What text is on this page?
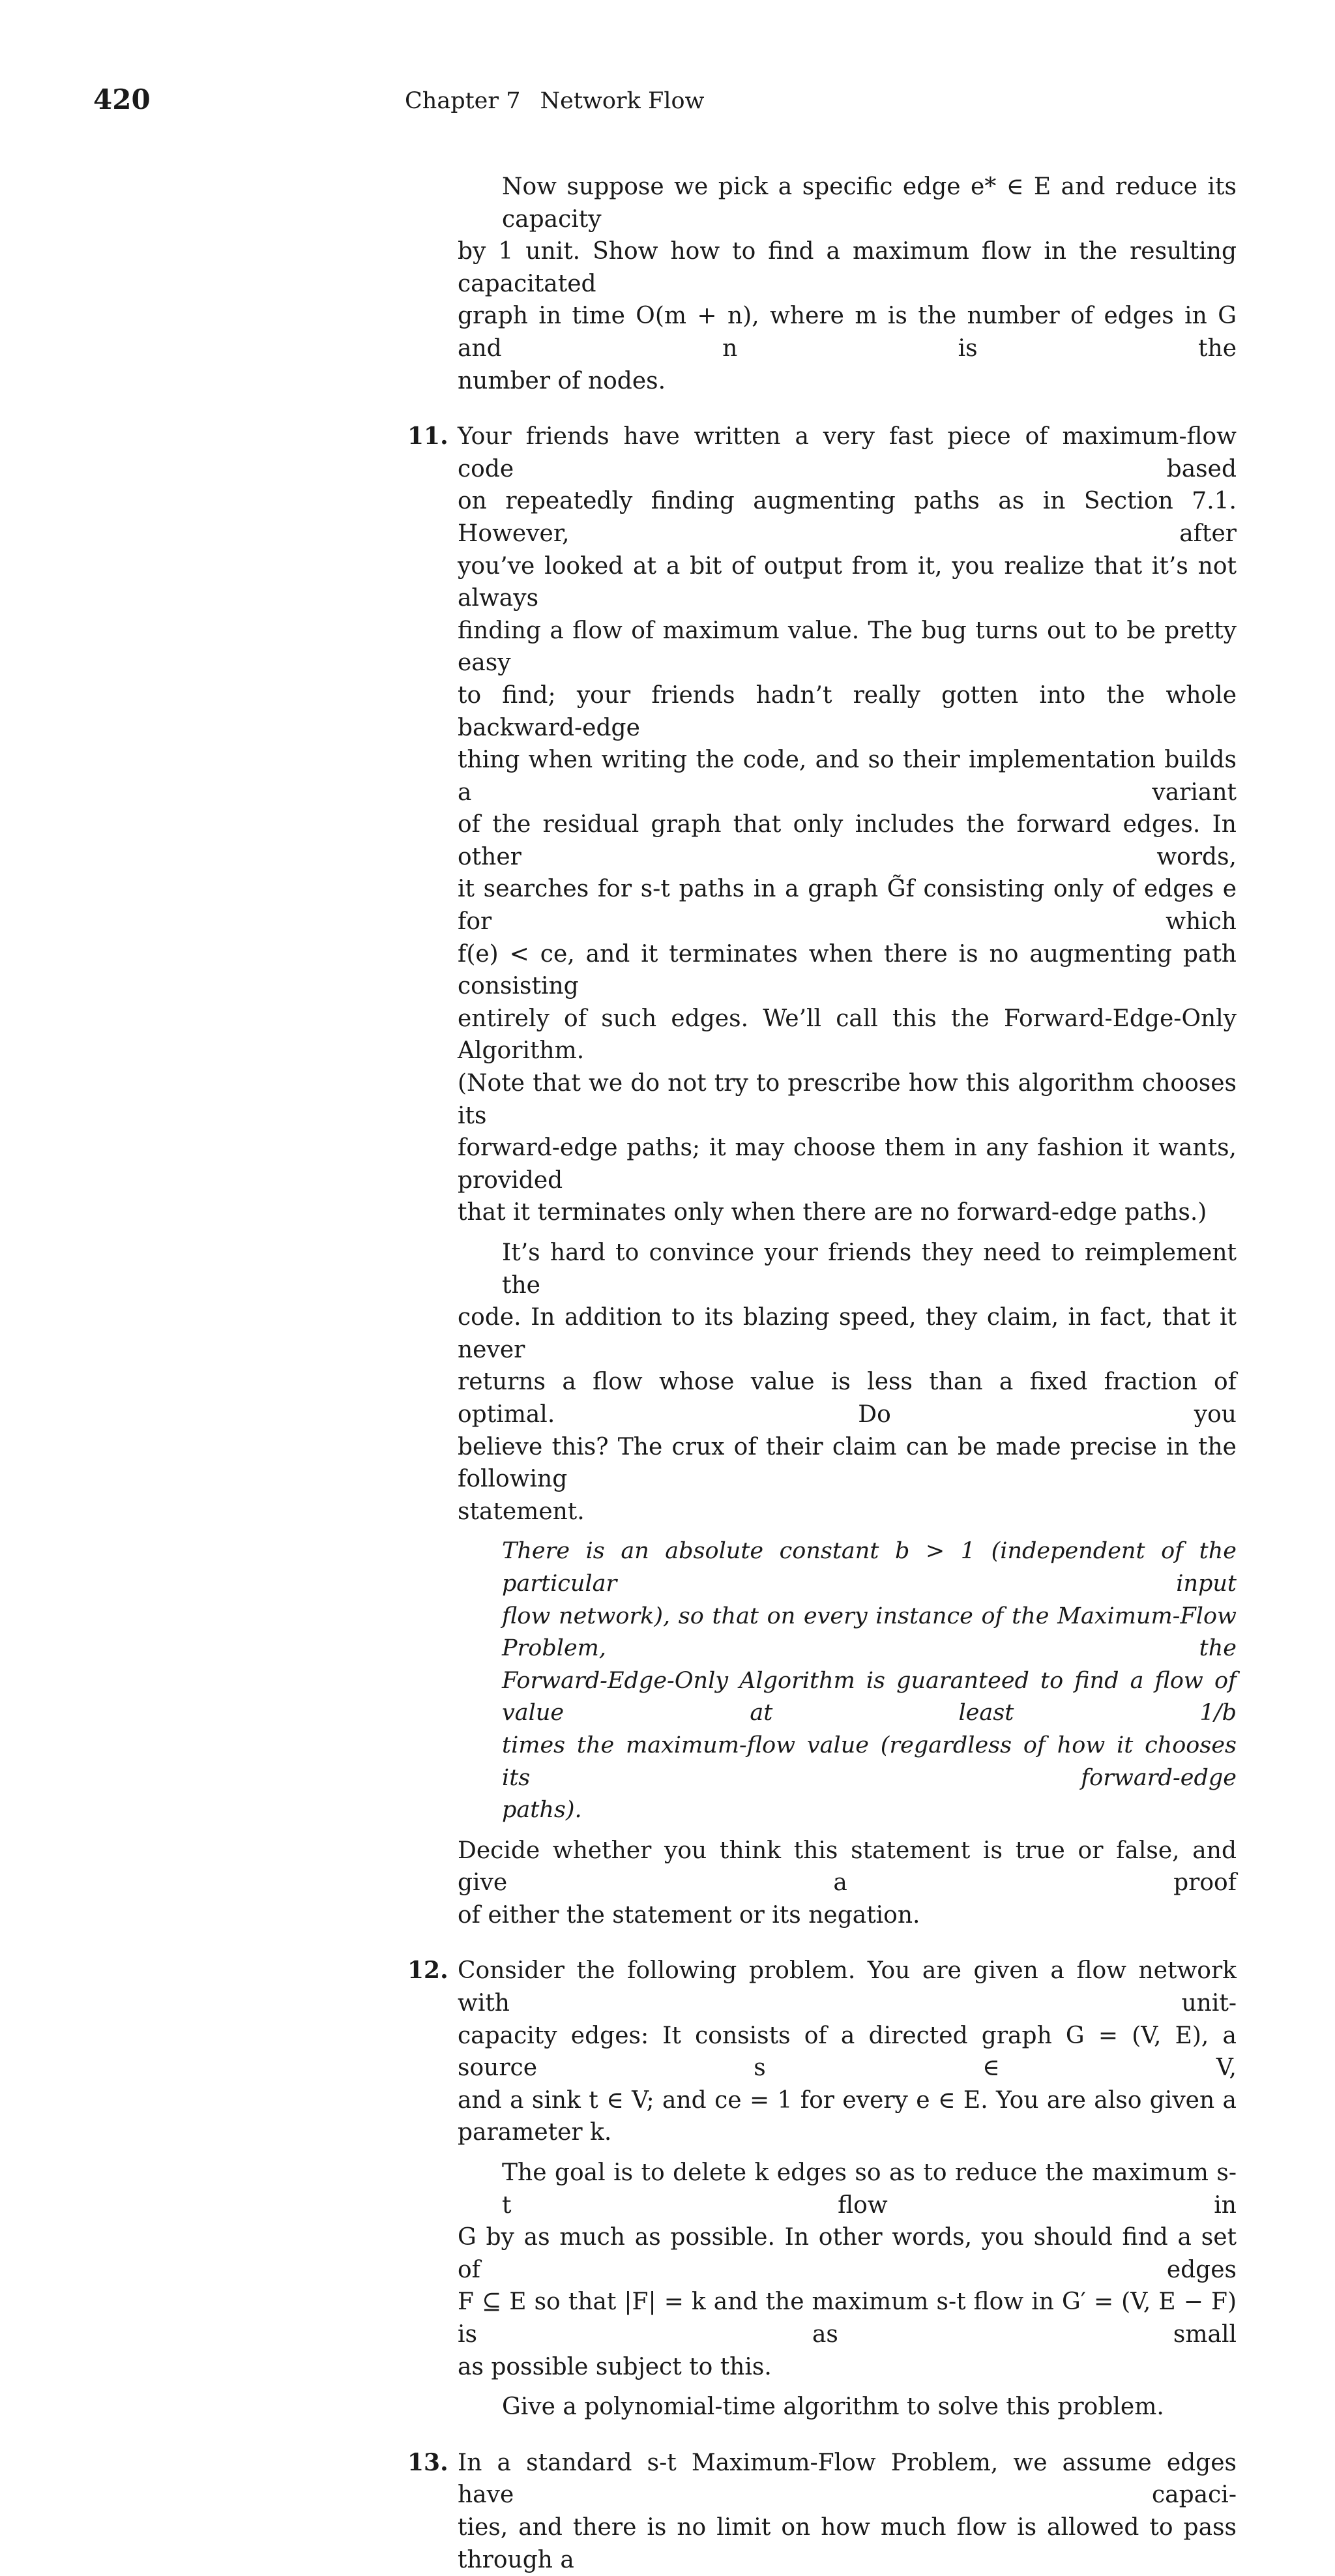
420	Chapter 7 Network Flow
Now suppose we pick a specific edge e* ∈ E and reduce its capacity
by 1 unit. Show how to find a maximum flow in the resulting capacitated
graph in time O(m + n), where m is the number of edges in G and n is the
number of nodes.
11. Your friends have written a very fast piece of maximum-flow code based
on repeatedly finding augmenting paths as in Section 7.1. However, after
you’ve looked at a bit of output from it, you realize that it’s not always
finding a flow of maximum value. The bug turns out to be pretty easy
to find; your friends hadn’t really gotten into the whole backward-edge
thing when writing the code, and so their implementation builds a variant
of the residual graph that only includes the forward edges. In other words,
it searches for s-t paths in a graph G̃f consisting only of edges e for which
f(e) < ce, and it terminates when there is no augmenting path consisting
entirely of such edges. We’ll call this the Forward-Edge-Only Algorithm.
(Note that we do not try to prescribe how this algorithm chooses its
forward-edge paths; it may choose them in any fashion it wants, provided
that it terminates only when there are no forward-edge paths.)
It’s hard to convince your friends they need to reimplement the
code. In addition to its blazing speed, they claim, in fact, that it never
returns a flow whose value is less than a fixed fraction of optimal. Do you
believe this? The crux of their claim can be made precise in the following
statement.
There is an absolute constant b > 1 (independent of the particular input
flow network), so that on every instance of the Maximum-Flow Problem, the
Forward-Edge-Only Algorithm is guaranteed to find a flow of value at least 1/b
times the maximum-flow value (regardless of how it chooses its forward-edge
paths).
Decide whether you think this statement is true or false, and give a proof
of either the statement or its negation.
12. Consider the following problem. You are given a flow network with unit-
capacity edges: It consists of a directed graph G = (V, E), a source s ∈ V,
and a sink t ∈ V; and ce = 1 for every e ∈ E. You are also given a parameter k.
The goal is to delete k edges so as to reduce the maximum s-t flow in
G by as much as possible. In other words, you should find a set of edges
F ⊆ E so that |F| = k and the maximum s-t flow in G′ = (V, E − F) is as small
as possible subject to this.
Give a polynomial-time algorithm to solve this problem.
13. In a standard s-t Maximum-Flow Problem, we assume edges have capaci-
ties, and there is no limit on how much flow is allowed to pass through a
